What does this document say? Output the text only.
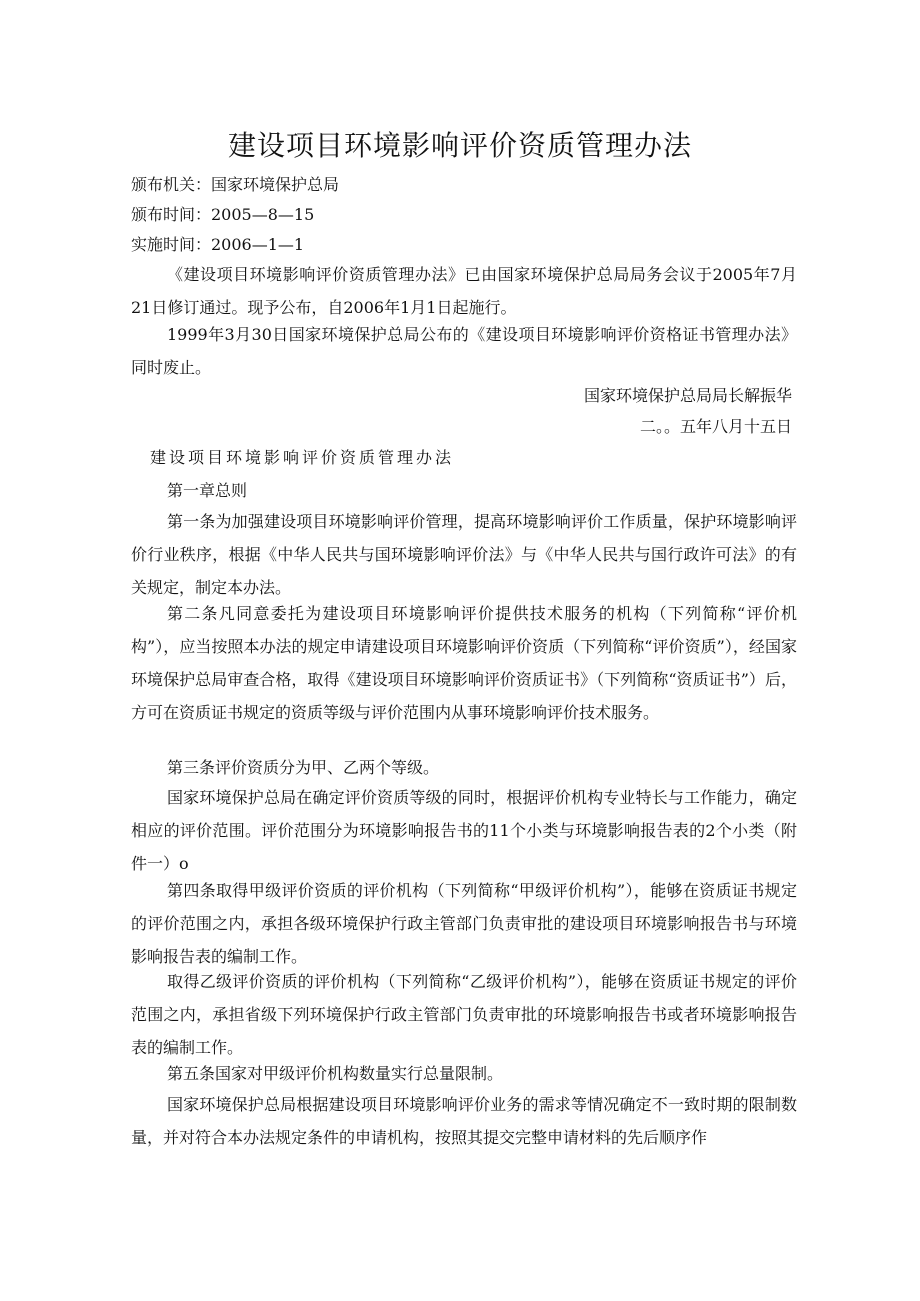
建设项目环境影响评价资质管理办法
颁布机关：国家环境保护总局
颁布时间：2005—8—15
实施时间：2006—1—1

《建设项目环境影响评价资质管理办法》已由国家环境保护总局局务会议于2005年7月21日修订通过。现予公布，自2006年1月1日起施行。

1999年3月30日国家环境保护总局公布的《建设项目环境影响评价资格证书管理办法》同时废止。

国家环境保护总局局长解振华
二。。五年八月十五日
建设项目环境影响评价资质管理办法
第一章总则

第一条为加强建设项目环境影响评价管理，提高环境影响评价工作质量，保护环境影响评价行业秩序，根据《中华人民共与国环境影响评价法》与《中华人民共与国行政许可法》的有关规定，制定本办法。

第二条凡同意委托为建设项目环境影响评价提供技术服务的机构（下列简称“评价机构”），应当按照本办法的规定申请建设项目环境影响评价资质（下列简称“评价资质”），经国家环境保护总局审查合格，取得《建设项目环境影响评价资质证书》（下列简称“资质证书”）后，方可在资质证书规定的资质等级与评价范围内从事环境影响评价技术服务。

第三条评价资质分为甲、乙两个等级。

国家环境保护总局在确定评价资质等级的同时，根据评价机构专业特长与工作能力，确定相应的评价范围。评价范围分为环境影响报告书的11个小类与环境影响报告表的2个小类（附件一）o

第四条取得甲级评价资质的评价机构（下列简称“甲级评价机构”），能够在资质证书规定的评价范围之内，承担各级环境保护行政主管部门负责审批的建设项目环境影响报告书与环境影响报告表的编制工作。

取得乙级评价资质的评价机构（下列简称“乙级评价机构”），能够在资质证书规定的评价范围之内，承担省级下列环境保护行政主管部门负责审批的环境影响报告书或者环境影响报告表的编制工作。

第五条国家对甲级评价机构数量实行总量限制。

国家环境保护总局根据建设项目环境影响评价业务的需求等情况确定不一致时期的限制数量，并对符合本办法规定条件的申请机构，按照其提交完整申请材料的先后顺序作
